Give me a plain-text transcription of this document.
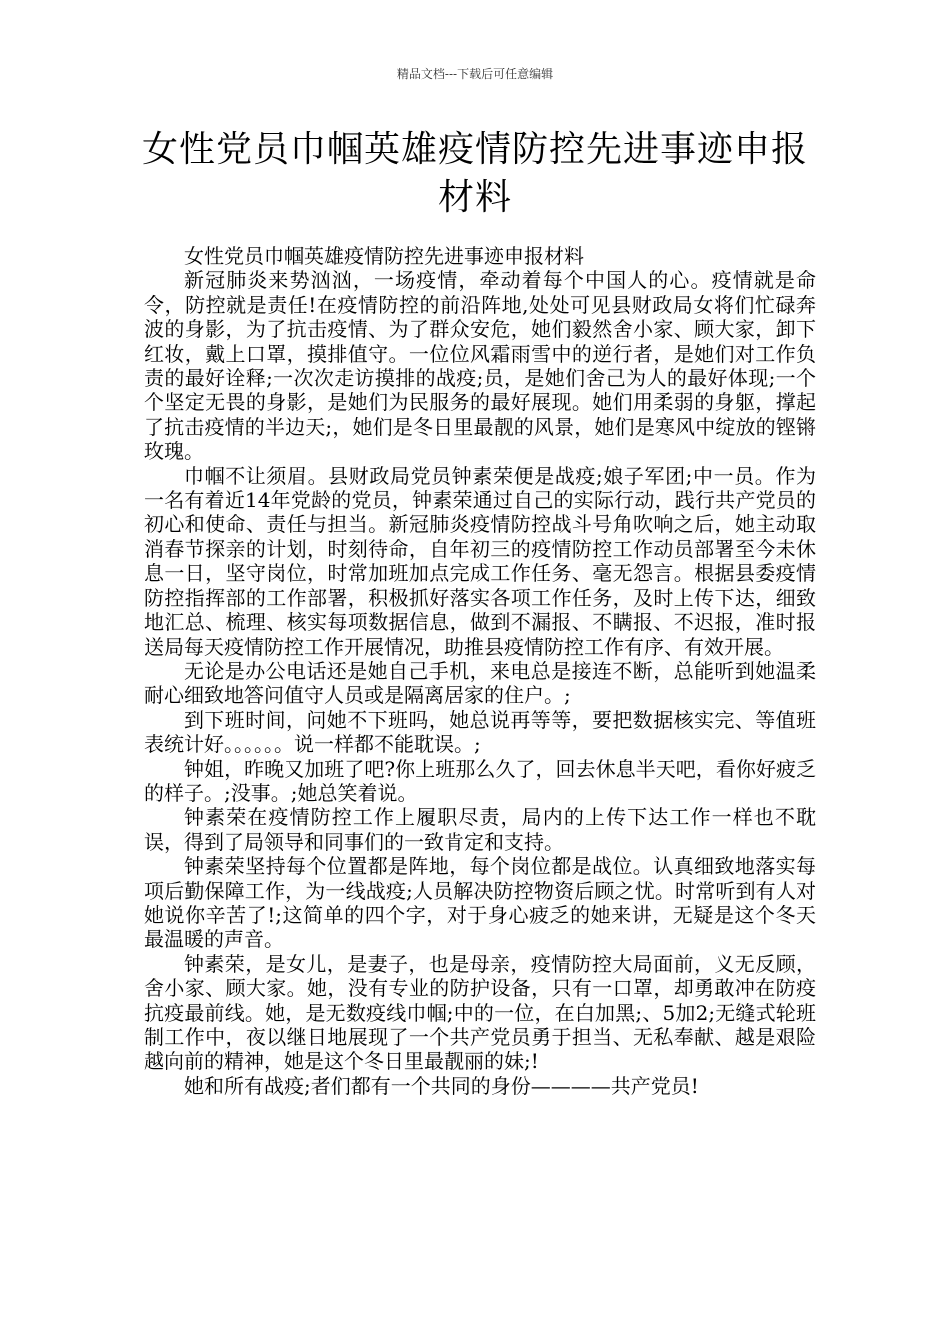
精品文档---下载后可任意编辑
女性党员巾帼英雄疫情防控先进事迹申报材料

女性党员巾帼英雄疫情防控先进事迹申报材料

新冠肺炎来势汹汹，一场疫情，牵动着每个中国人的心。疫情就是命令，防控就是责任!在疫情防控的前沿阵地,处处可见县财政局女将们忙碌奔波的身影，为了抗击疫情、为了群众安危，她们毅然舍小家、顾大家，卸下红妆，戴上口罩，摸排值守。一位位风霜雨雪中的逆行者，是她们对工作负责的最好诠释;一次次走访摸排的战疫;员，是她们舍己为人的最好体现;一个个坚定无畏的身影，是她们为民服务的最好展现。她们用柔弱的身躯，撑起了抗击疫情的半边天;，她们是冬日里最靓的风景，她们是寒风中绽放的铿锵玫瑰。

巾帼不让须眉。县财政局党员钟素荣便是战疫;娘子军团;中一员。作为一名有着近14年党龄的党员，钟素荣通过自己的实际行动，践行共产党员的初心和使命、责任与担当。新冠肺炎疫情防控战斗号角吹响之后，她主动取消春节探亲的计划，时刻待命，自年初三的疫情防控工作动员部署至今未休息一日，坚守岗位，时常加班加点完成工作任务、毫无怨言。根据县委疫情防控指挥部的工作部署，积极抓好落实各项工作任务，及时上传下达，细致地汇总、梳理、核实每项数据信息，做到不漏报、不瞒报、不迟报，准时报送局每天疫情防控工作开展情况，助推县疫情防控工作有序、有效开展。

无论是办公电话还是她自己手机，来电总是接连不断，总能听到她温柔耐心细致地答问值守人员或是隔离居家的住户。;

到下班时间，问她不下班吗，她总说再等等，要把数据核实完、等值班表统计好。。。。。。说一样都不能耽误。;

钟姐，昨晚又加班了吧?你上班那么久了，回去休息半天吧，看你好疲乏的样子。;没事。;她总笑着说。

钟素荣在疫情防控工作上履职尽责，局内的上传下达工作一样也不耽误，得到了局领导和同事们的一致肯定和支持。

钟素荣坚持每个位置都是阵地，每个岗位都是战位。认真细致地落实每项后勤保障工作，为一线战疫;人员解决防控物资后顾之忧。时常听到有人对她说你辛苦了!;这简单的四个字，对于身心疲乏的她来讲，无疑是这个冬天最温暖的声音。

钟素荣，是女儿，是妻子，也是母亲，疫情防控大局面前，义无反顾，舍小家、顾大家。她，没有专业的防护设备，只有一口罩，却勇敢冲在防疫抗疫最前线。她，是无数疫线巾帼;中的一位，在白加黑;、5加2;无缝式轮班制工作中，夜以继日地展现了一个共产党员勇于担当、无私奉献、越是艰险越向前的精神，她是这个冬日里最靓丽的妹;!

她和所有战疫;者们都有一个共同的身份————共产党员!
